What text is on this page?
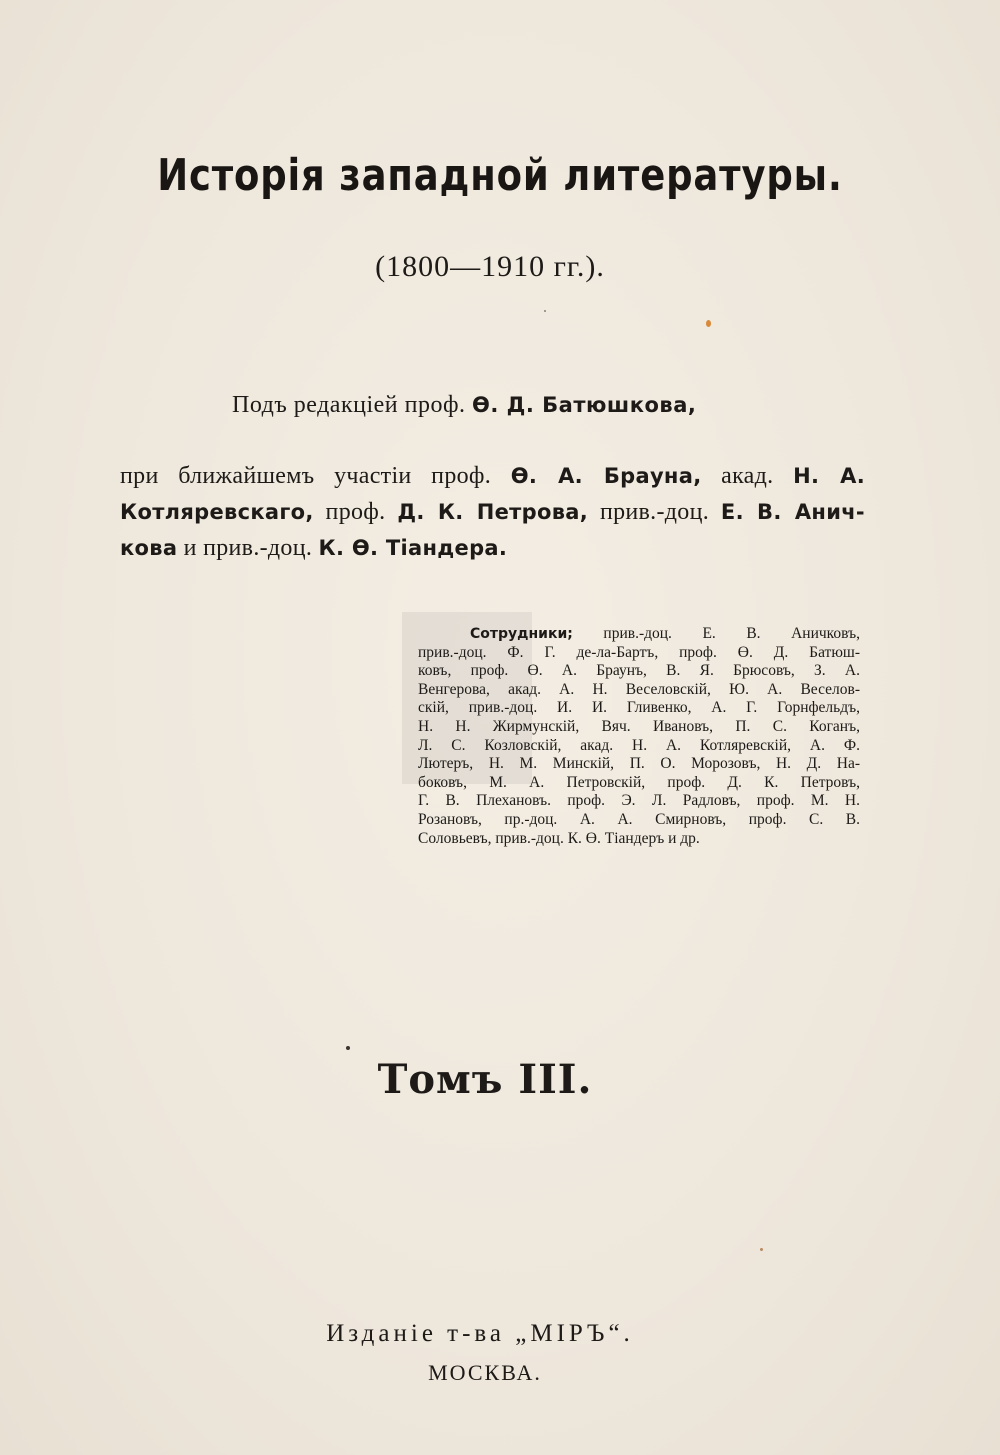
Исторія западной литературы.
(1800—1910 гг.).
Подъ редакціей проф. Ө. Д. Батюшкова,
при ближайшемъ участіи проф. Ө. А. Брауна, акад. Н. А.
Котляревскаго, проф. Д. К. Петрова, прив.-доц. Е. В. Анич-
кова и прив.-доц. К. Ө. Тіандера.
Сотрудники; прив.-доц. Е. В. Аничковъ,
прив.-доц. Ф. Г. де-ла-Бартъ, проф. Ө. Д. Батюш-
ковъ, проф. Ө. А. Браунъ, В. Я. Брюсовъ, З. А.
Венгерова, акад. А. Н. Веселовскій, Ю. А. Веселов-
скій, прив.-доц. И. И. Гливенко, А. Г. Горнфельдъ,
Н. Н. Жирмунскій, Вяч. Ивановъ, П. С. Коганъ,
Л. С. Козловскій, акад. Н. А. Котляревскій, А. Ф.
Лютеръ, Н. М. Минскій, П. О. Морозовъ, Н. Д. На-
боковъ, М. А. Петровскій, проф. Д. К. Петровъ,
Г. В. Плехановъ. проф. Э. Л. Радловъ, проф. М. Н.
Розановъ, пр.-доц. А. А. Смирновъ, проф. С. В.
Соловьевъ, прив.-доц. К. Ө. Тіандеръ и др.
Томъ III.
Изданіе т-ва „МІРЪ“.
МОСКВА.
